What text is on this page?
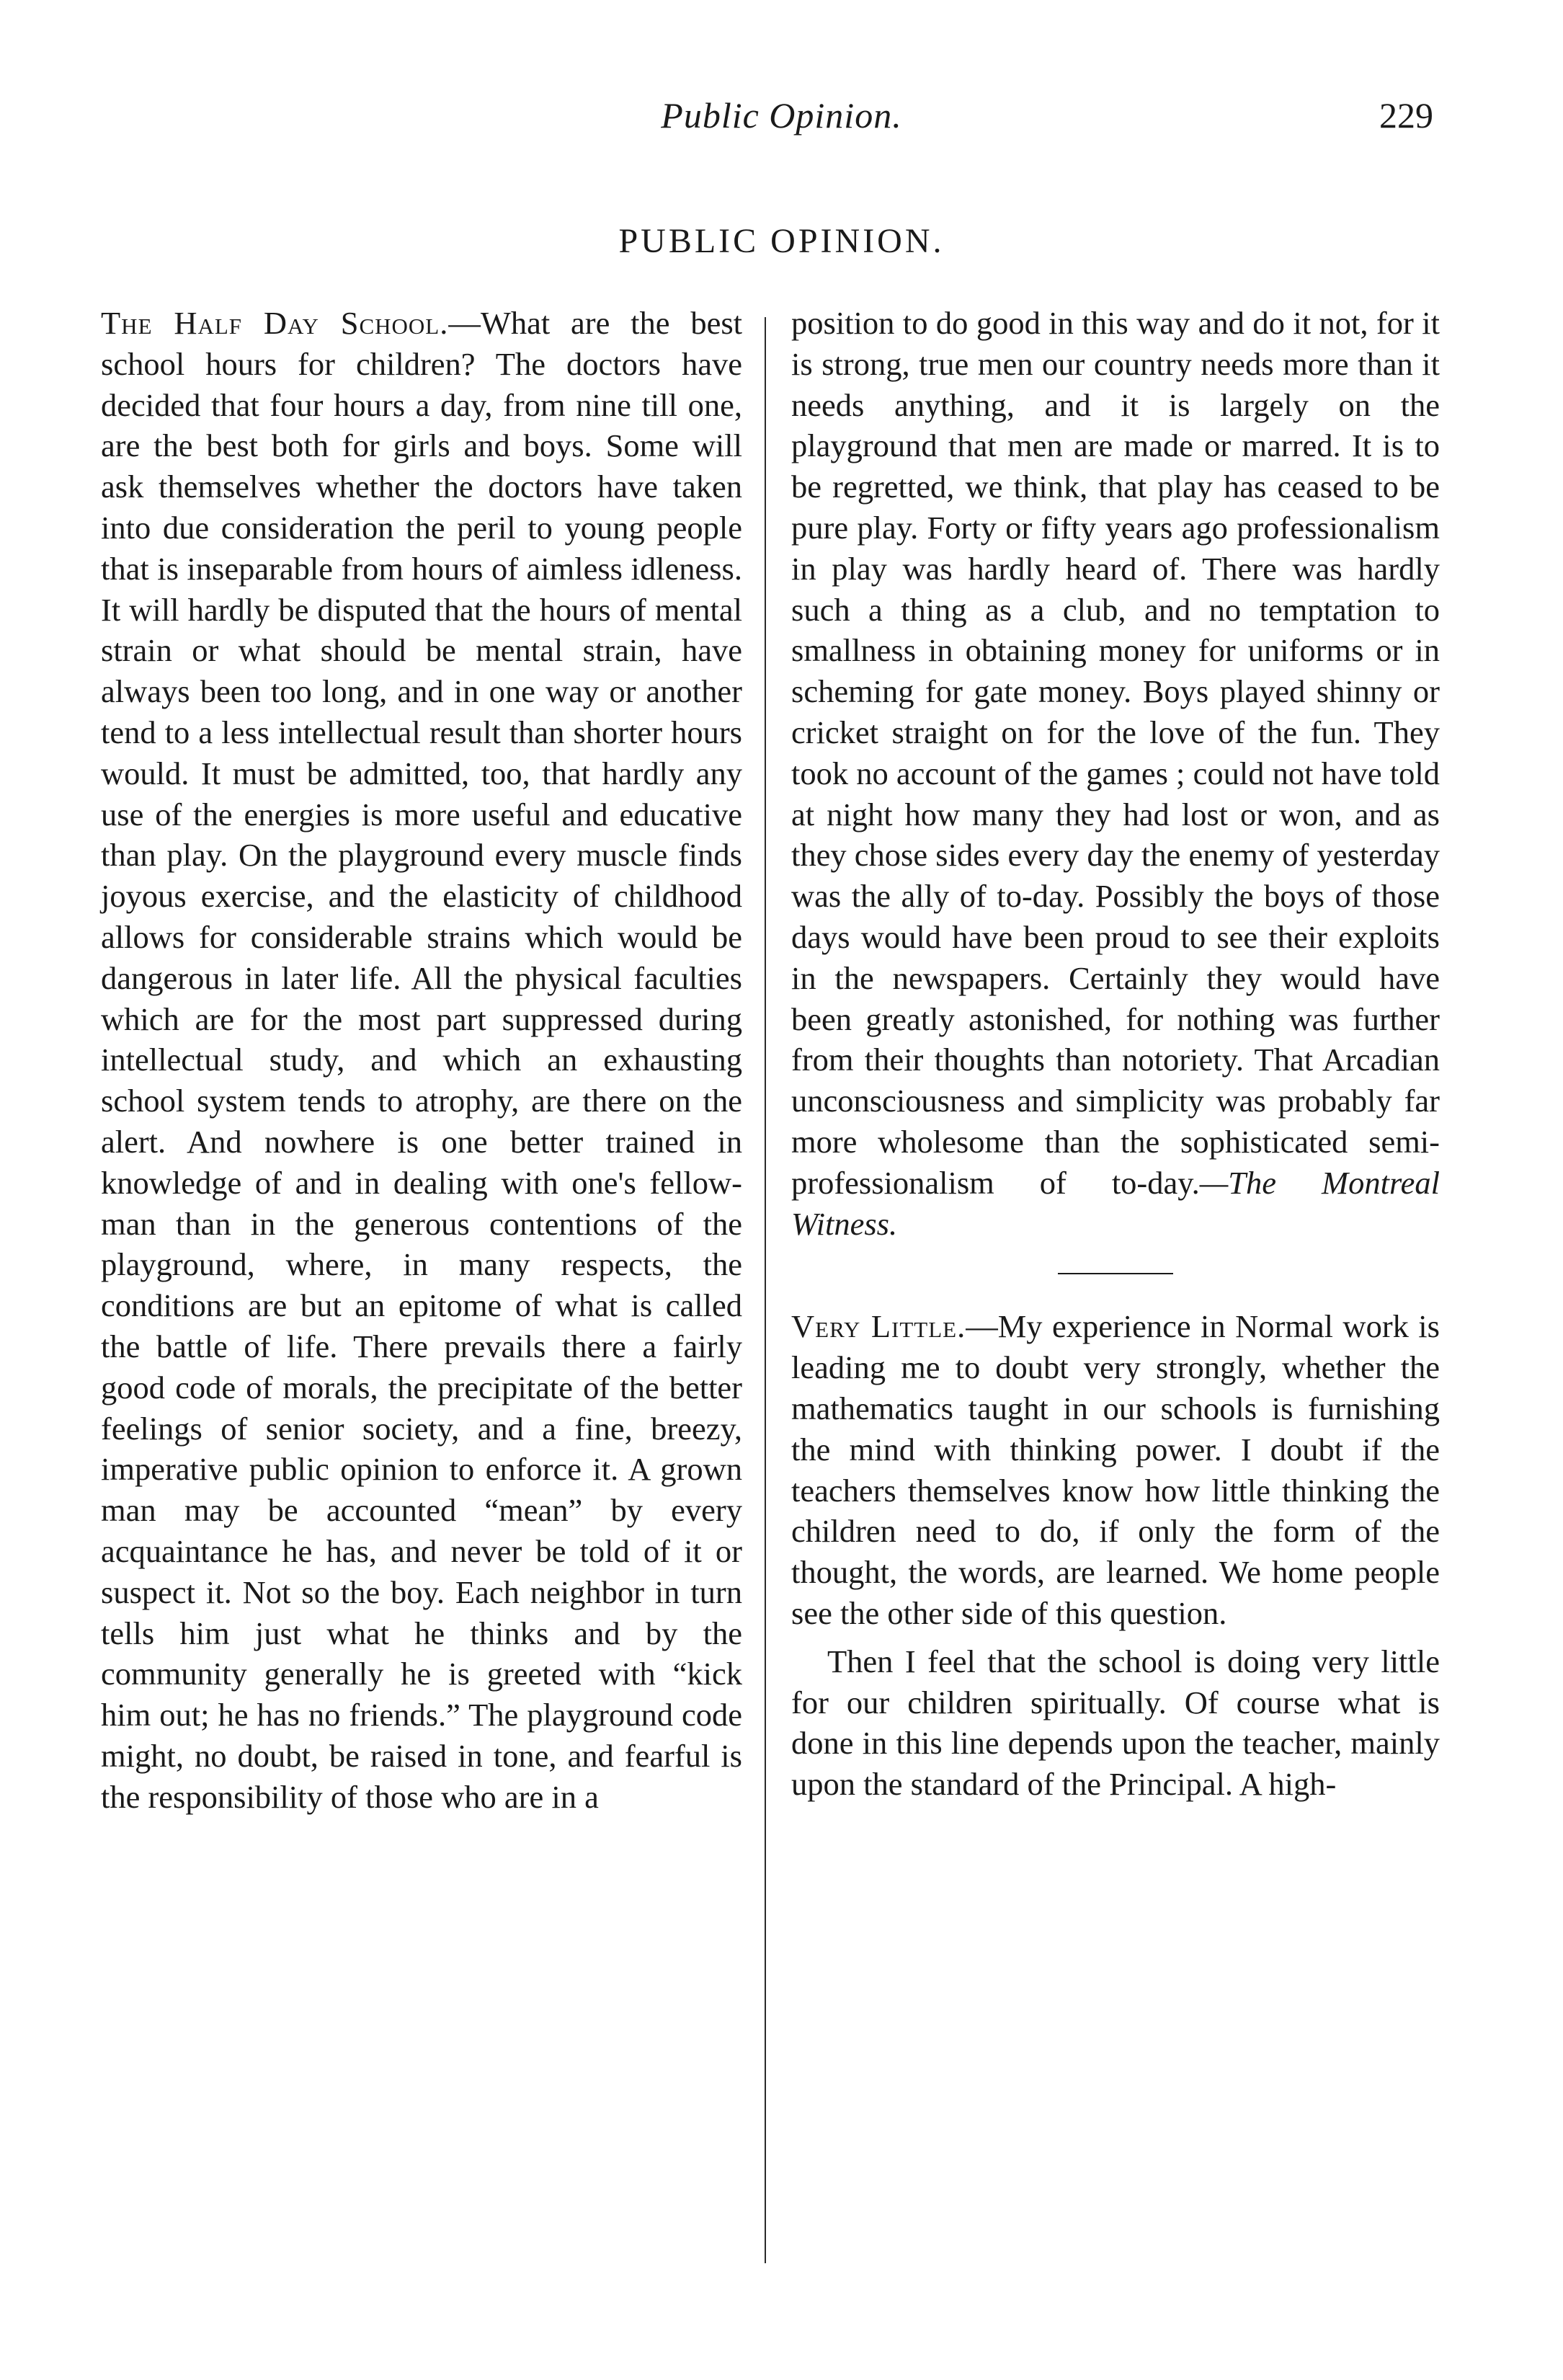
Public Opinion.	229
PUBLIC OPINION.

The Half Day School.—What are the best school hours for children? The doctors have decided that four hours a day, from nine till one, are the best both for girls and boys. Some will ask themselves whether the doctors have taken into due consideration the peril to young people that is inseparable from hours of aimless idleness. It will hardly be disputed that the hours of mental strain or what should be mental strain, have always been too long, and in one way or another tend to a less intellectual result than shorter hours would. It must be admitted, too, that hardly any use of the energies is more useful and educative than play. On the playground every muscle finds joyous exercise, and the elasticity of childhood allows for considerable strains which would be dangerous in later life. All the physical faculties which are for the most part suppressed during intellectual study, and which an exhausting school system tends to atrophy, are there on the alert. And nowhere is one better trained in knowledge of and in dealing with one's fellow-man than in the generous contentions of the playground, where, in many respects, the conditions are but an epitome of what is called the battle of life. There prevails there a fairly good code of morals, the precipitate of the better feelings of senior society, and a fine, breezy, imperative public opinion to enforce it. A grown man may be accounted “mean” by every acquaintance he has, and never be told of it or suspect it. Not so the boy. Each neighbor in turn tells him just what he thinks and by the community generally he is greeted with “kick him out; he has no friends.” The playground code might, no doubt, be raised in tone, and fearful is the responsibility of those who are in a

position to do good in this way and do it not, for it is strong, true men our country needs more than it needs anything, and it is largely on the playground that men are made or marred. It is to be regretted, we think, that play has ceased to be pure play. Forty or fifty years ago professionalism in play was hardly heard of. There was hardly such a thing as a club, and no temptation to smallness in obtaining money for uniforms or in scheming for gate money. Boys played shinny or cricket straight on for the love of the fun. They took no account of the games ; could not have told at night how many they had lost or won, and as they chose sides every day the enemy of yesterday was the ally of to-day. Possibly the boys of those days would have been proud to see their exploits in the newspapers. Certainly they would have been greatly astonished, for nothing was further from their thoughts than notoriety. That Arcadian unconsciousness and simplicity was probably far more wholesome than the sophisticated semi-professionalism of to-day.—The Montreal Witness.

Very Little.—My experience in Normal work is leading me to doubt very strongly, whether the mathematics taught in our schools is furnishing the mind with thinking power. I doubt if the teachers themselves know how little thinking the children need to do, if only the form of the thought, the words, are learned. We home people see the other side of this question.

Then I feel that the school is doing very little for our children spiritually. Of course what is done in this line depends upon the teacher, mainly upon the standard of the Principal. A high-
